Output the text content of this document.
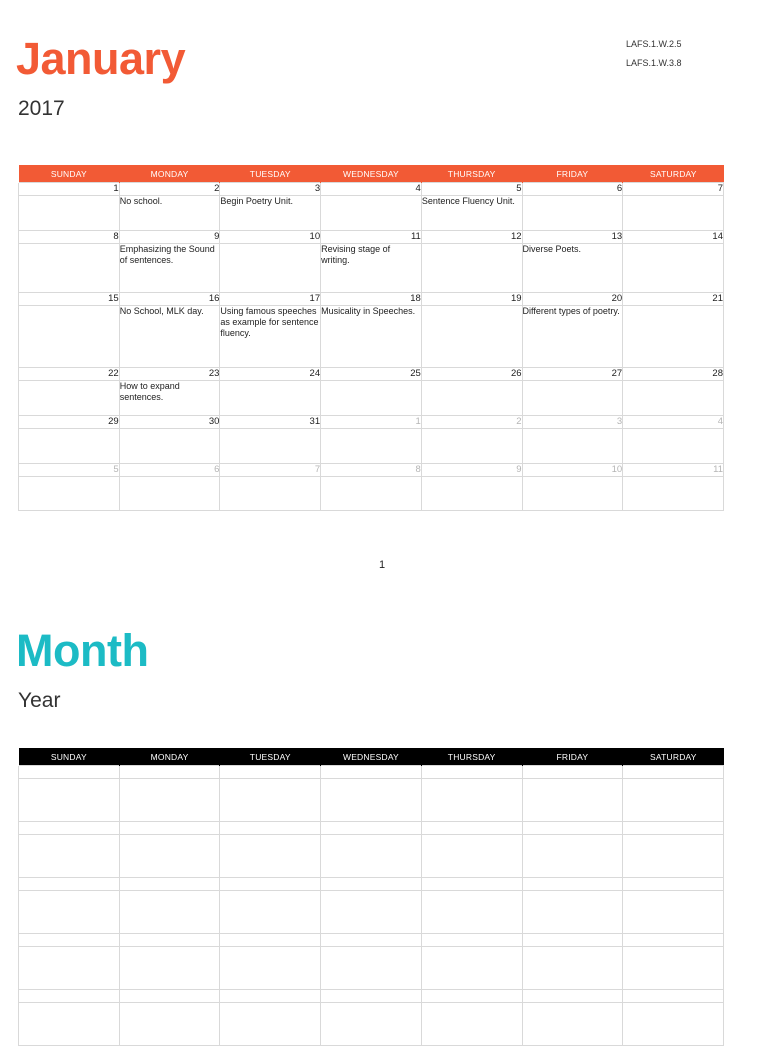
January
2017
LAFS.1.W.2.5
LAFS.1.W.3.8
SUNDAY	MONDAY	TUESDAY	WEDNESDAY	THURSDAY	FRIDAY	SATURDAY
1	2	3	4	5	6	7
	No school.	Begin Poetry Unit.		Sentence Fluency Unit.		
8	9	10	11	12	13	14
	Emphasizing the Sound of sentences.		Revising stage of writing.		Diverse Poets.	
15	16	17	18	19	20	21
	No School, MLK day.	Using famous speeches as example for sentence fluency.	Musicality in Speeches.		Different types of poetry.	
22	23	24	25	26	27	28
	How to expand sentences.					
29	30	31	1	2	3	4

5	6	7	8	9	10	11

1
Month
Year
SUNDAY	MONDAY	TUESDAY	WEDNESDAY	THURSDAY	FRIDAY	SATURDAY
